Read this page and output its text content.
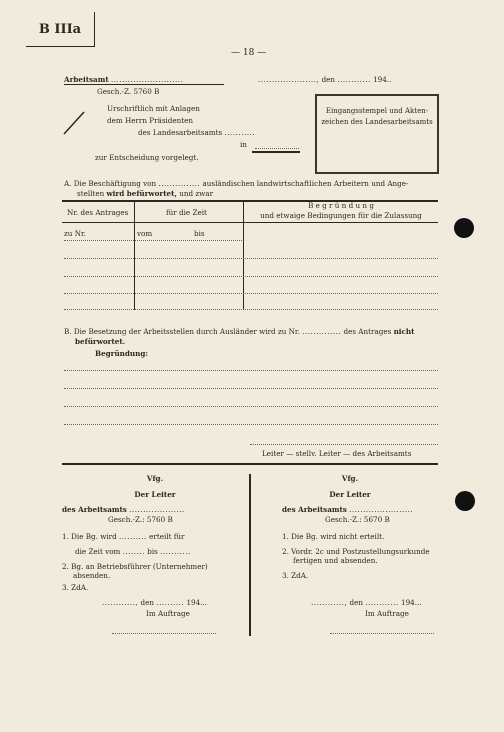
B IIIa
— 18 —
Arbeitsamt ..........................
Gesch.-Z. 5760 B
....................., den ............ 194..
Urschriftlich mit Anlagen
dem Herrn Präsidenten
des Landesarbeitsamts ...........
in
zur Entscheidung vorgelegt.
Eingangsstempel und Akten-
zeichen des Landesarbeitsamts
A. Die Beschäftigung von ............... ausländischen landwirtschaftlichen Arbeitern und Ange-
stellten wird befürwortet, und zwar
Nr. des Antrages	für die Zeit
B e g r ü n d u n g
und etwaige Bedingungen für die Zulassung
zu Nr.	vom	bis
B. Die Besetzung der Arbeitsstellen durch Ausländer wird zu Nr. .............. des Antrages nicht
befürwortet.
Begründung:
Leiter — stellv. Leiter — des Arbeitsamts
Vfg.
Der Leiter
des Arbeitsamts ....................
Gesch.-Z.: 5760 B
1. Die Bg. wird .......... erteilt für
die Zeit vom ........ bis ...........
2. Bg. an Betriebsführer (Unternehmer)
absenden.
3. ZdA.
............, den .......... 194...
Im Auftrage
Vfg.
Der Leiter
des Arbeitsamts .......................
Gesch.-Z.: 5670 B
1. Die Bg. wird nicht erteilt.
2. Vordr. 2c und Postzustellungsurkunde
fertigen und absenden.
3. ZdA.
............, den ............ 194...
Im Auftrage
